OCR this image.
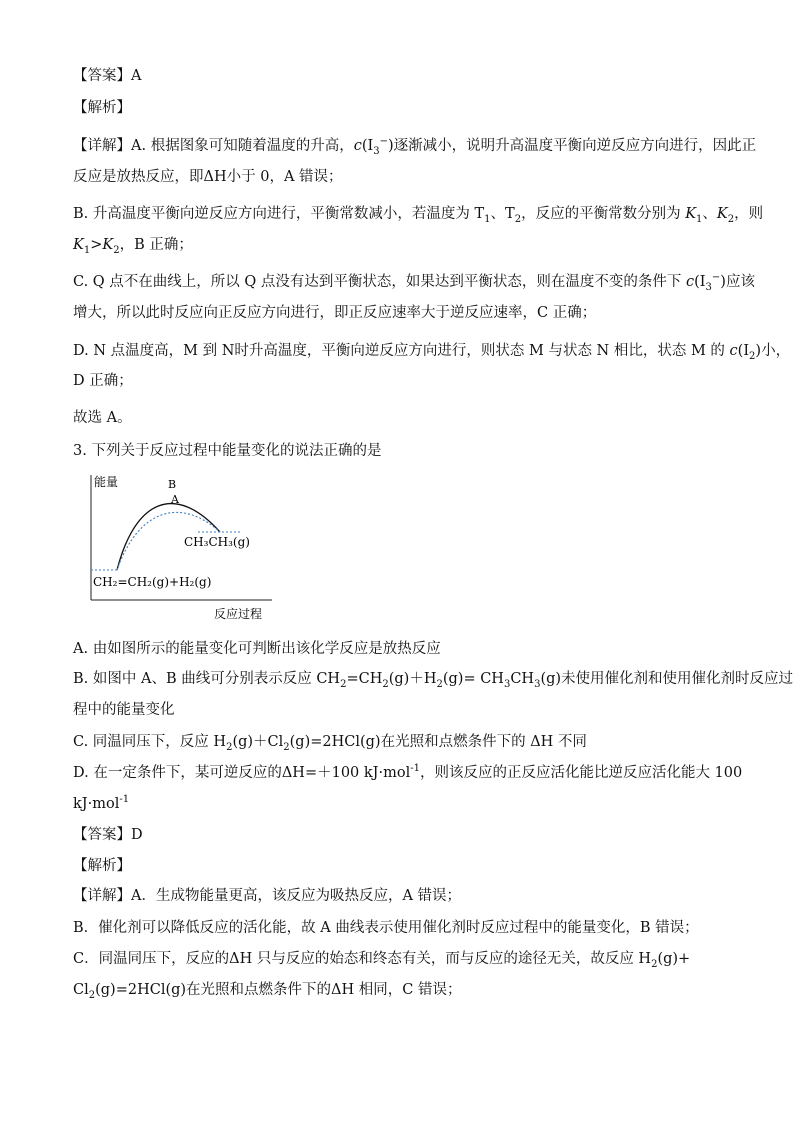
【答案】A
【解析】
【详解】A. 根据图象可知随着温度的升高，$c(I_3^-)$逐渐减小，说明升高温度平衡向逆反应方向进行，因此正
反应是放热反应，即ΔH小于 0，A 错误；
B. 升高温度平衡向逆反应方向进行，平衡常数减小，若温度为 $T_1$、$T_2$，反应的平衡常数分别为 $K_1$、$K_2$，则
$K_1>K_2$，B 正确；
C. Q 点不在曲线上，所以 Q 点没有达到平衡状态，如果达到平衡状态，则在温度不变的条件下 $c(I_3^-)$应该
增大，所以此时反应向正反应方向进行，即正反应速率大于逆反应速率，C 正确；
D. N 点温度高，M 到 N时升高温度，平衡向逆反应方向进行，则状态 M 与状态 N 相比，状态 M 的 $c(I_2)$小，
D 正确；
故选 A。
3. 下列关于反应过程中能量变化的说法正确的是
能量
反应过程
B
A
CH₃CH₃(g)
CH₂=CH₂(g)+H₂(g)
A. 由如图所示的能量变化可判断出该化学反应是放热反应
B. 如图中 A、B 曲线可分别表示反应 $CH_2=CH_2(g)+H_2(g)= CH_3CH_3(g)$未使用催化剂和使用催化剂时反应过
程中的能量变化
C. 同温同压下，反应 $H_2(g)+Cl_2(g)=2HCl(g)$在光照和点燃条件下的 ΔH 不同
D. 在一定条件下，某可逆反应的ΔH=＋100 kJ·mol$^{-1}$，则该反应的正反应活化能比逆反应活化能大 100
kJ·mol$^{-1}$
【答案】D
【解析】
【详解】A．生成物能量更高，该反应为吸热反应，A 错误；
B．催化剂可以降低反应的活化能，故 A 曲线表示使用催化剂时反应过程中的能量变化，B 错误；
C．同温同压下，反应的ΔH 只与反应的始态和终态有关，而与反应的途径无关，故反应 $H_2(g)+$
$Cl_2(g)=2HCl(g)$在光照和点燃条件下的ΔH 相同，C 错误；
